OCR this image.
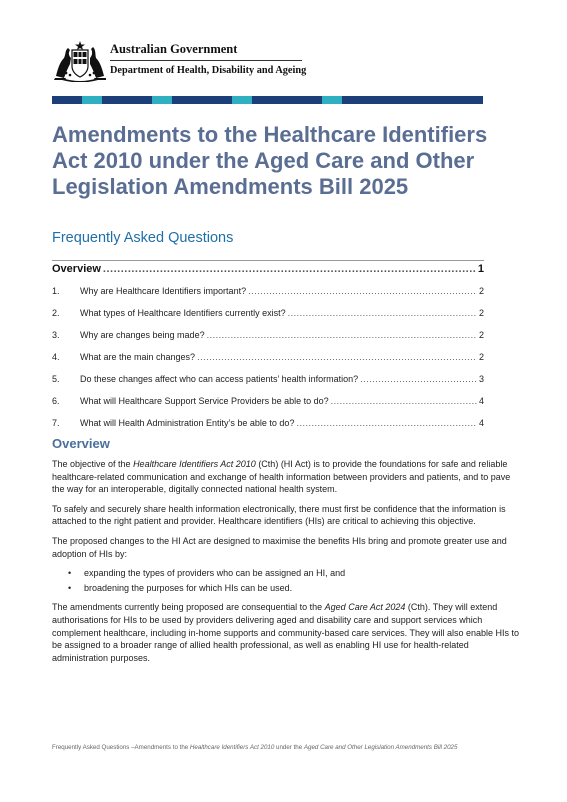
Australian Government
Department of Health, Disability and Ageing
Amendments to the Healthcare Identifiers Act 2010 under the Aged Care and Other Legislation Amendments Bill 2025
Frequently Asked Questions
Overview .....	1
1.	Why are Healthcare Identifiers important? .....	2
2.	What types of Healthcare Identifiers currently exist? .....	2
3.	Why are changes being made? .....	2
4.	What are the main changes? .....	2
5.	Do these changes affect who can access patients’ health information? .....	3
6.	What will Healthcare Support Service Providers be able to do? .....	4
7.	What will Health Administration Entity’s be able to do? .....	4
Overview

The objective of the Healthcare Identifiers Act 2010 (Cth) (HI Act) is to provide the foundations for safe and reliable healthcare-related communication and exchange of health information between providers and patients, and to pave the way for an interoperable, digitally connected national health system.

To safely and securely share health information electronically, there must first be confidence that the information is attached to the right patient and provider. Healthcare identifiers (HIs) are critical to achieving this objective.

The proposed changes to the HI Act are designed to maximise the benefits HIs bring and promote greater use and adoption of HIs by:

• expanding the types of providers who can be assigned an HI, and
• broadening the purposes for which HIs can be used.

The amendments currently being proposed are consequential to the Aged Care Act 2024 (Cth). They will extend authorisations for HIs to be used by providers delivering aged and disability care and support services which complement healthcare, including in-home supports and community-based care services. They will also enable HIs to be assigned to a broader range of allied health professional, as well as enabling HI use for health-related administration purposes.

Frequently Asked Questions –Amendments to the Healthcare Identifiers Act 2010 under the Aged Care and Other Legislation Amendments Bill 2025
